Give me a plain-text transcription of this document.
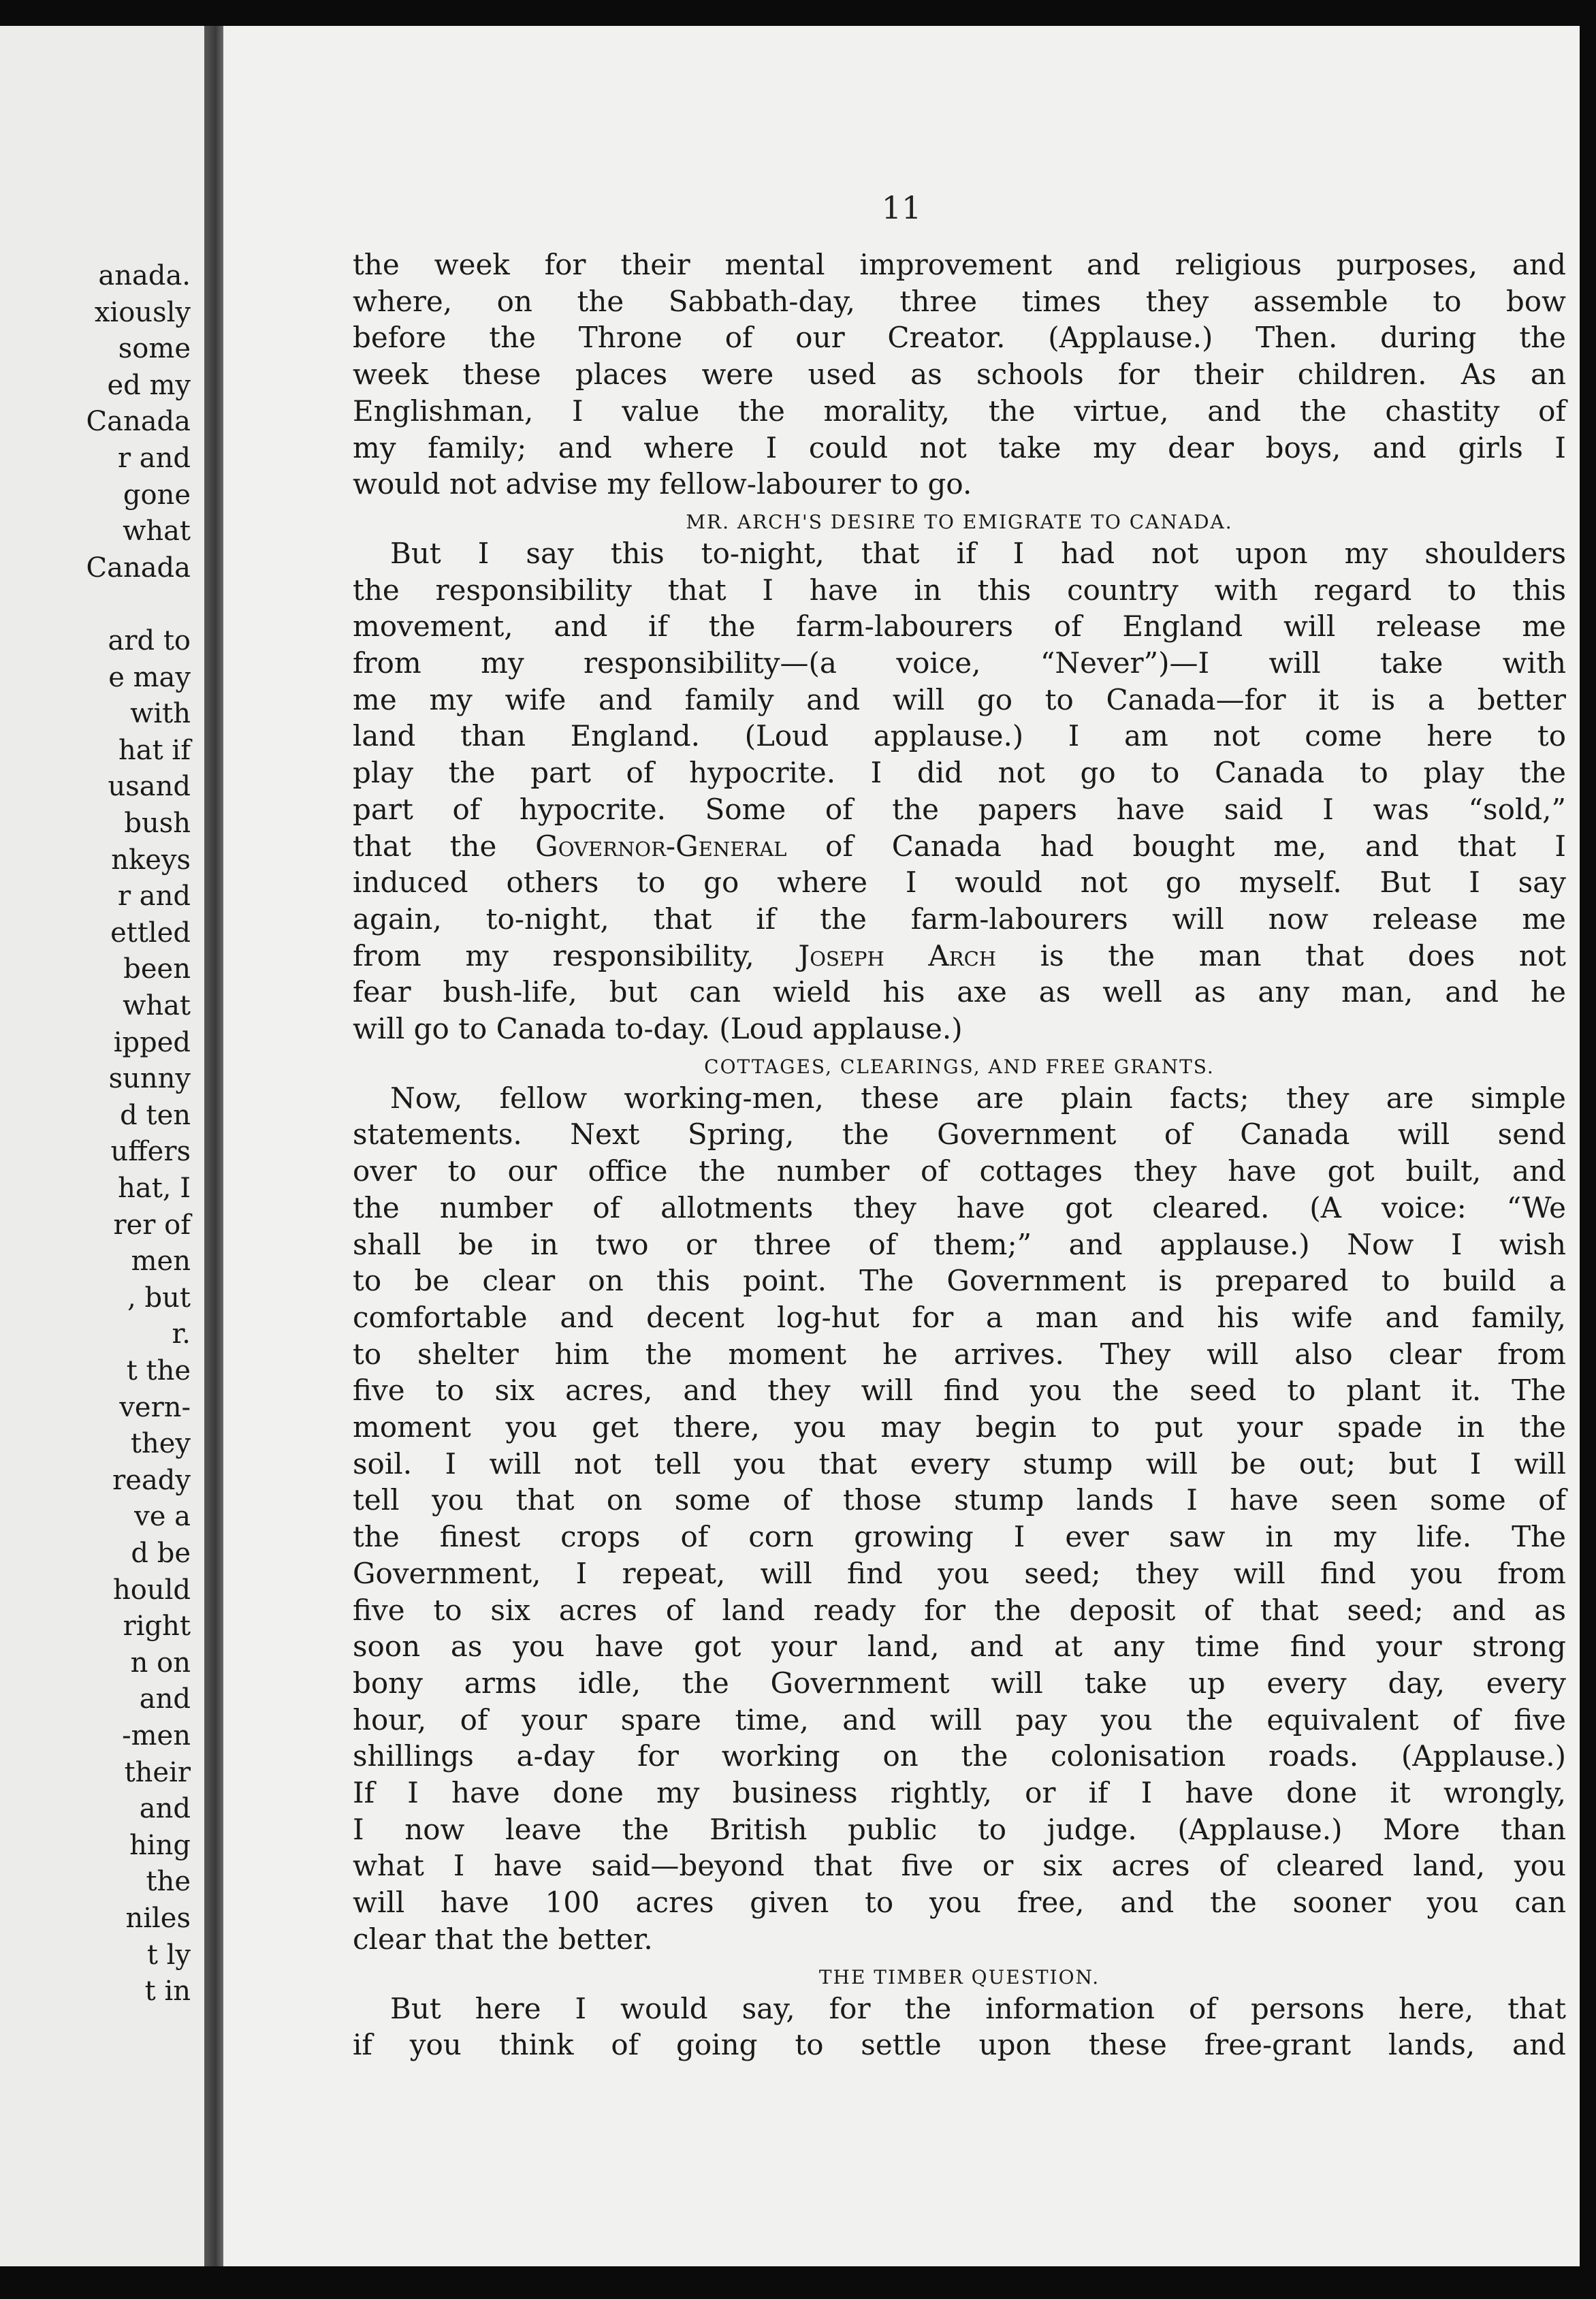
anada.
xiously
some
ed my
Canada
r and
gone
what
Canada
ard to
e may
with
hat if
usand
bush
nkeys
r and
ettled
been
what
ipped
sunny
d ten
uffers
hat, I
rer of
men
, but
r.
t the
vern-
they
ready
ve a
d be
hould
right
n on
and
-men
their
and
hing
the
niles
t ly
t in
11
the week for their mental improvement and religious purposes, and
where, on the Sabbath-day, three times they assemble to bow
before the Throne of our Creator. (Applause.) Then. during the
week these places were used as schools for their children. As an
Englishman, I value the morality, the virtue, and the chastity of
my family; and where I could not take my dear boys, and girls I
would not advise my fellow-labourer to go.
MR. ARCH'S DESIRE TO EMIGRATE TO CANADA.
But I say this to-night, that if I had not upon my shoulders
the responsibility that I have in this country with regard to this
movement, and if the farm-labourers of England will release me
from my responsibility—(a voice, “Never”)—I will take with
me my wife and family and will go to Canada—for it is a better
land than England. (Loud applause.) I am not come here to
play the part of hypocrite. I did not go to Canada to play the
part of hypocrite. Some of the papers have said I was “sold,”
that the Governor-General of Canada had bought me, and that I
induced others to go where I would not go myself. But I say
again, to-night, that if the farm-labourers will now release me
from my responsibility, Joseph Arch is the man that does not
fear bush-life, but can wield his axe as well as any man, and he
will go to Canada to-day. (Loud applause.)
COTTAGES, CLEARINGS, AND FREE GRANTS.
Now, fellow working-men, these are plain facts; they are simple
statements. Next Spring, the Government of Canada will send
over to our office the number of cottages they have got built, and
the number of allotments they have got cleared. (A voice: “We
shall be in two or three of them;” and applause.) Now I wish
to be clear on this point. The Government is prepared to build a
comfortable and decent log-hut for a man and his wife and family,
to shelter him the moment he arrives. They will also clear from
five to six acres, and they will find you the seed to plant it. The
moment you get there, you may begin to put your spade in the
soil. I will not tell you that every stump will be out; but I will
tell you that on some of those stump lands I have seen some of
the finest crops of corn growing I ever saw in my life. The
Government, I repeat, will find you seed; they will find you from
five to six acres of land ready for the deposit of that seed; and as
soon as you have got your land, and at any time find your strong
bony arms idle, the Government will take up every day, every
hour, of your spare time, and will pay you the equivalent of five
shillings a-day for working on the colonisation roads. (Applause.)
If I have done my business rightly, or if I have done it wrongly,
I now leave the British public to judge. (Applause.) More than
what I have said—beyond that five or six acres of cleared land, you
will have 100 acres given to you free, and the sooner you can
clear that the better.
THE TIMBER QUESTION.
But here I would say, for the information of persons here, that
if you think of going to settle upon these free-grant lands, and
